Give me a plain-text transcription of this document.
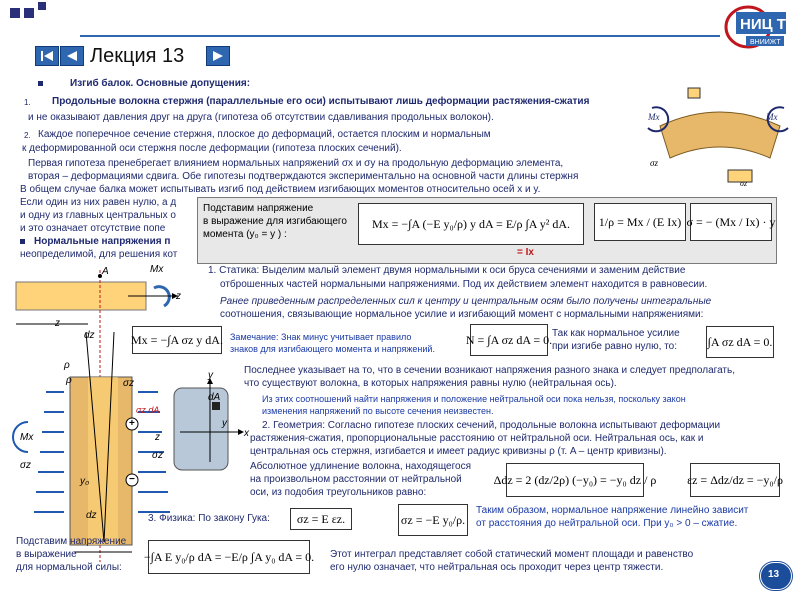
Лекция 13
НИЦ ТТ
ВНИИЖТ
Изгиб балок. Основные допущения:
1. Продольные волокна стержня (параллельные его оси) испытывают лишь деформации растяжения-сжатия
и не оказывают давления друг на друга (гипотеза об отсутствии сдавливания продольных волокон).
2. Каждое поперечное сечение стержня, плоское до деформаций, остается плоским и нормальным
к деформированной оси стержня после деформации (гипотеза плоских сечений).
Первая гипотеза пренебрегает влиянием нормальных напряжений σx и σy на продольную деформацию элемента,
вторая – деформациями сдвига. Обе гипотезы подтверждаются экспериментально на основной части длины стержня
В общем случае балка может испытывать изгиб под действием изгибающих моментов относительно осей x и y.
Если один из них равен нулю, а д
и одну из главных центральных о
и это означает отсутствие попе
Нормальные напряжения п
неопределимой, для решения кот
Mx	Mx
σz
σz
Подставим напряжение
в выражение для изгибающего
момента (y₀ = y ) :
Mx = −∫A (−E y₀/ρ) y dA = E/ρ ∫A y² dA.
= Ix
1/ρ = Mx / (E Ix) σ = − (Mx / Ix) · y
A	Mx
z
z
dz
ρ
ρ	σz
σz dA
Mx	z
σz
σz
y₀
dz
+
−
y
dA
x
y
1. Статика: Выделим малый элемент двумя нормальными к оси бруса сечениями и заменим действие
отброшенных частей нормальными напряжениями. Под их действием элемент находится в равновесии.
Ранее приведенным распределенных сил к центру и центральным осям было получены интегральные
соотношения, связывающие нормальное усилие и изгибающий момент с нормальными напряжениями:
Mx = −∫A σz y dA. Замечание: Знак минус учитывает правило
знаков для изгибающего момента и напряжений.
N = ∫A σz dA = 0. Так как нормальное усилие
при изгибе равно нулю, то:	∫A σz dA = 0.
Последнее указывает на то, что в сечении возникают напряжения разного знака и следует предполагать,
что существуют волокна, в которых напряжения равны нулю (нейтральная ось).
Из этих соотношений найти напряжения и положение нейтральной оси пока нельзя, поскольку закон
изменения напряжений по высоте сечения неизвестен.
2. Геометрия: Согласно гипотезе плоских сечений, продольные волокна испытывают деформации
растяжения-сжатия, пропорциональные расстоянию от нейтральной оси. Нейтральная ось, как и
центральная ось стержня, изгибается и имеет радиус кривизны ρ (т. A – центр кривизны).
Абсолютное удлинение волокна, находящегося
на произвольном расстоянии от нейтральной
оси, из подобия треугольников равно:
Δdz = 2 (dz/2ρ) (−y₀) = −y₀ dz / ρ	εz = Δdz/dz = −y₀/ρ
3. Физика: По закону Гука:	σz = E εz.	σz = −E y₀/ρ.
Таким образом, нормальное напряжение линейно зависит
от расстояния до нейтральной оси. При y₀ > 0 – сжатие.
Подставим напряжение
в выражение
для нормальной силы:
−∫A E y₀/ρ dA = −E/ρ ∫A y₀ dA = 0. Этот интеграл представляет собой статический момент площади и равенство
его нулю означает, что нейтральная ось проходит через центр тяжести.
13
